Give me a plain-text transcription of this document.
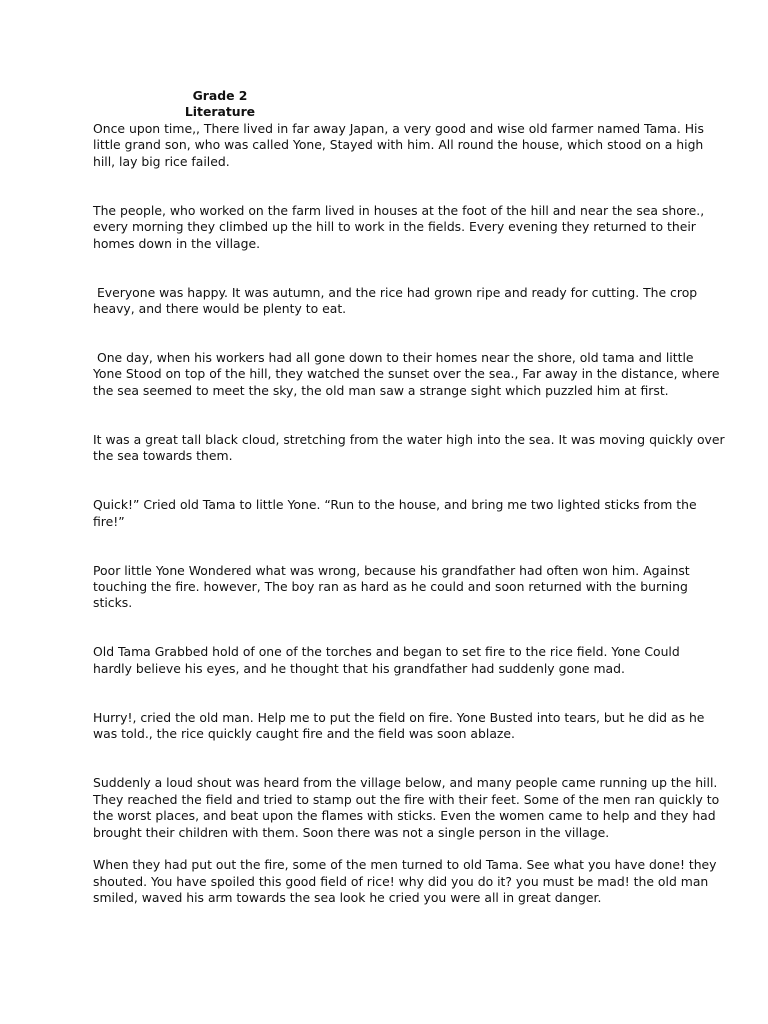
Grade 2
Literature

Once upon time,, There lived in far away Japan, a very good and wise old farmer named Tama. His
little grand son, who was called Yone, Stayed with him. All round the house, which stood on a high
hill, lay big rice failed.

The people, who worked on the farm lived in houses at the foot of the hill and near the sea shore.,
every morning they climbed up the hill to work in the fields. Every evening they returned to their
homes down in the village.

Everyone was happy. It was autumn, and the rice had grown ripe and ready for cutting. The crop
heavy, and there would be plenty to eat.

One day, when his workers had all gone down to their homes near the shore, old tama and little
Yone Stood on top of the hill, they watched the sunset over the sea., Far away in the distance, where
the sea seemed to meet the sky, the old man saw a strange sight which puzzled him at first.

It was a great tall black cloud, stretching from the water high into the sea. It was moving quickly over
the sea towards them.

Quick!” Cried old Tama to little Yone. “Run to the house, and bring me two lighted sticks from the
fire!”

Poor little Yone Wondered what was wrong, because his grandfather had often won him. Against
touching the fire. however, The boy ran as hard as he could and soon returned with the burning
sticks.

Old Tama Grabbed hold of one of the torches and began to set fire to the rice field. Yone Could
hardly believe his eyes, and he thought that his grandfather had suddenly gone mad.

Hurry!, cried the old man. Help me to put the field on fire. Yone Busted into tears, but he did as he
was told., the rice quickly caught fire and the field was soon ablaze.

Suddenly a loud shout was heard from the village below, and many people came running up the hill.
They reached the field and tried to stamp out the fire with their feet. Some of the men ran quickly to
the worst places, and beat upon the flames with sticks. Even the women came to help and they had
brought their children with them. Soon there was not a single person in the village.

When they had put out the fire, some of the men turned to old Tama. See what you have done! they
shouted. You have spoiled this good field of rice! why did you do it? you must be mad! the old man
smiled, waved his arm towards the sea look he cried you were all in great danger.
